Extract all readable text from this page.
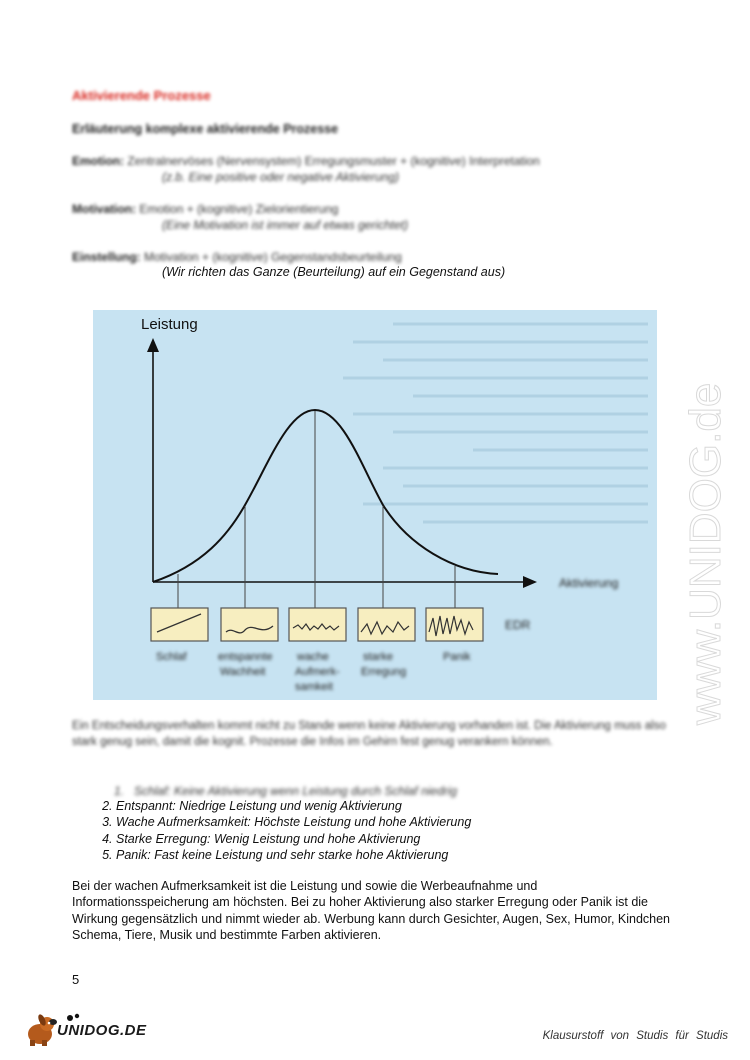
Aktivierende Prozesse
Erläuterung komplexe aktivierende Prozesse
Emotion: Zentralnervöses (Nervensystem) Erregungsmuster + (kognitive) Interpretation
(z.b. Eine positive oder negative Aktivierung)
Motivation: Emotion + (kognitive) Zielorientierung
(Eine Motivation ist immer auf etwas gerichtet)
Einstellung: Motivation + (kognitive) Gegenstandsbeurteilung
(Wir richten das Ganze (Beurteilung) auf ein Gegenstand aus)
Leistung
Aktivierung
EDR
Schlaf	entspannte
Wachheit
wache
Aufmerk-
samkeit
starke
Erregung
Panik	www.UNIDOG.de
Ein Entscheidungsverhalten kommt nicht zu Stande wenn keine Aktivierung vorhanden ist. Die Aktivierung muss also stark genug sein, damit die kognit. Prozesse die Infos im Gehirn fest genug verankern können.
1.   Schlaf: Keine Aktivierung wenn Leistung durch Schlaf niedrig
2. Entspannt: Niedrige Leistung und wenig Aktivierung
3. Wache Aufmerksamkeit: Höchste Leistung und hohe Aktivierung
4. Starke Erregung: Wenig Leistung und hohe Aktivierung
5. Panik: Fast keine Leistung und sehr starke hohe Aktivierung
Bei der wachen Aufmerksamkeit ist die Leistung und sowie die Werbeaufnahme und Informationsspeicherung am höchsten. Bei zu hoher Aktivierung also starker Erregung oder Panik ist die Wirkung gegensätzlich und nimmt wieder ab. Werbung kann durch Gesichter, Augen, Sex, Humor, Kindchen Schema, Tiere, Musik und bestimmte Farben aktivieren.
5
UNIDOG.DE	Klausurstoff von Studis für Studis
